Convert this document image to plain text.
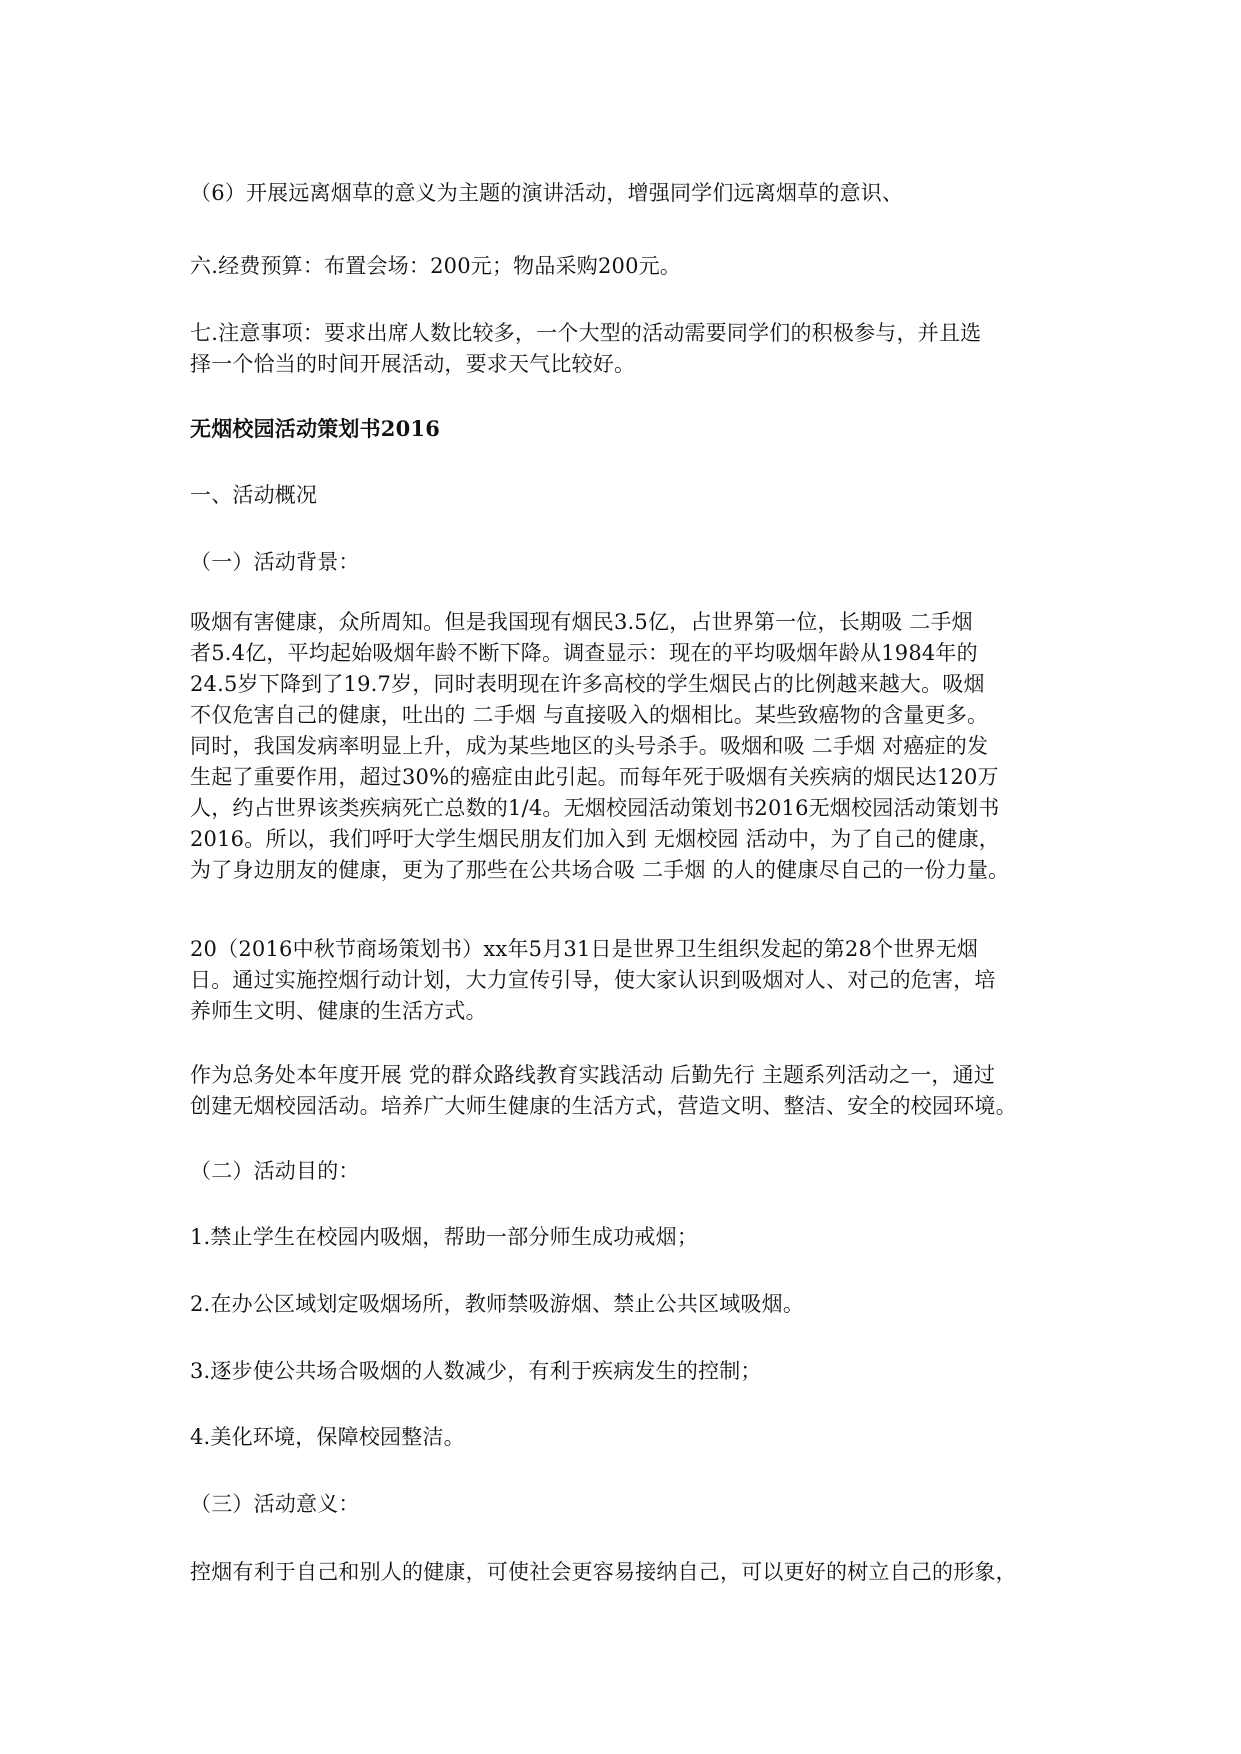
（6）开展远离烟草的意义为主题的演讲活动，增强同学们远离烟草的意识、

六.经费预算：布置会场：200元；物品采购200元。

七.注意事项：要求出席人数比较多，一个大型的活动需要同学们的积极参与，并且选
择一个恰当的时间开展活动，要求天气比较好。

无烟校园活动策划书2016

一、活动概况

（一）活动背景：

吸烟有害健康，众所周知。但是我国现有烟民3.5亿，占世界第一位，长期吸 二手烟
者5.4亿，平均起始吸烟年龄不断下降。调查显示：现在的平均吸烟年龄从1984年的
24.5岁下降到了19.7岁，同时表明现在许多高校的学生烟民占的比例越来越大。吸烟
不仅危害自己的健康，吐出的 二手烟 与直接吸入的烟相比。某些致癌物的含量更多。
同时，我国发病率明显上升，成为某些地区的头号杀手。吸烟和吸 二手烟 对癌症的发
生起了重要作用，超过30%的癌症由此引起。而每年死于吸烟有关疾病的烟民达120万
人，约占世界该类疾病死亡总数的1/4。无烟校园活动策划书2016无烟校园活动策划书
2016。所以，我们呼吁大学生烟民朋友们加入到 无烟校园 活动中，为了自己的健康，
为了身边朋友的健康，更为了那些在公共场合吸 二手烟 的人的健康尽自己的一份力量。

20（2016中秋节商场策划书）xx年5月31日是世界卫生组织发起的第28个世界无烟
日。通过实施控烟行动计划，大力宣传引导，使大家认识到吸烟对人、对己的危害，培
养师生文明、健康的生活方式。

作为总务处本年度开展 党的群众路线教育实践活动 后勤先行 主题系列活动之一，通过
创建无烟校园活动。培养广大师生健康的生活方式，营造文明、整洁、安全的校园环境。

（二）活动目的：

1.禁止学生在校园内吸烟，帮助一部分师生成功戒烟；

2.在办公区域划定吸烟场所，教师禁吸游烟、禁止公共区域吸烟。

3.逐步使公共场合吸烟的人数减少，有利于疾病发生的控制；

4.美化环境，保障校园整洁。

（三）活动意义：

控烟有利于自己和别人的健康，可使社会更容易接纳自己，可以更好的树立自己的形象，
